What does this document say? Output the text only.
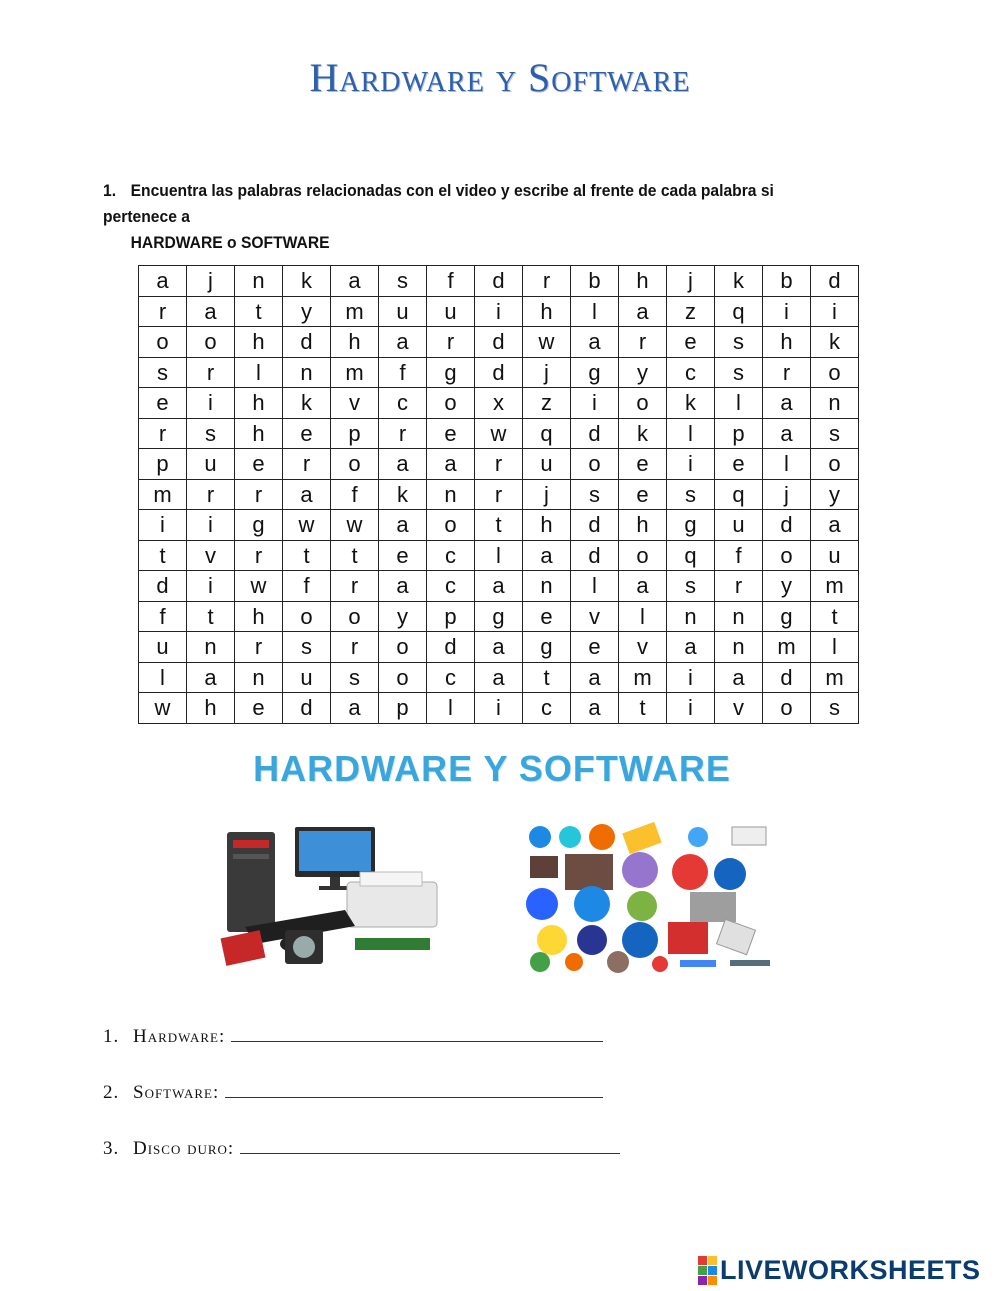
Hardware y Software
1. Encuentra las palabras relacionadas con el video y escribe al frente de cada palabra si pertenece a
HARDWARE o SOFTWARE
a	j	n	k	a	s	f	d	r	b	h	j	k	b	d
r	a	t	y	m	u	u	i	h	l	a	z	q	i	i
o	o	h	d	h	a	r	d	w	a	r	e	s	h	k
s	r	l	n	m	f	g	d	j	g	y	c	s	r	o
e	i	h	k	v	c	o	x	z	i	o	k	l	a	n
r	s	h	e	p	r	e	w	q	d	k	l	p	a	s
p	u	e	r	o	a	a	r	u	o	e	i	e	l	o
m	r	r	a	f	k	n	r	j	s	e	s	q	j	y
i	i	g	w	w	a	o	t	h	d	h	g	u	d	a
t	v	r	t	t	e	c	l	a	d	o	q	f	o	u
d	i	w	f	r	a	c	a	n	l	a	s	r	y	m
f	t	h	o	o	y	p	g	e	v	l	n	n	g	t
u	n	r	s	r	o	d	a	g	e	v	a	n	m	l
l	a	n	u	s	o	c	a	t	a	m	i	a	d	m
w	h	e	d	a	p	l	i	c	a	t	i	v	o	s
HARDWARE Y SOFTWARE
1. Hardware:
2. Software:
3. Disco duro:
LIVEWORKSHEETS
